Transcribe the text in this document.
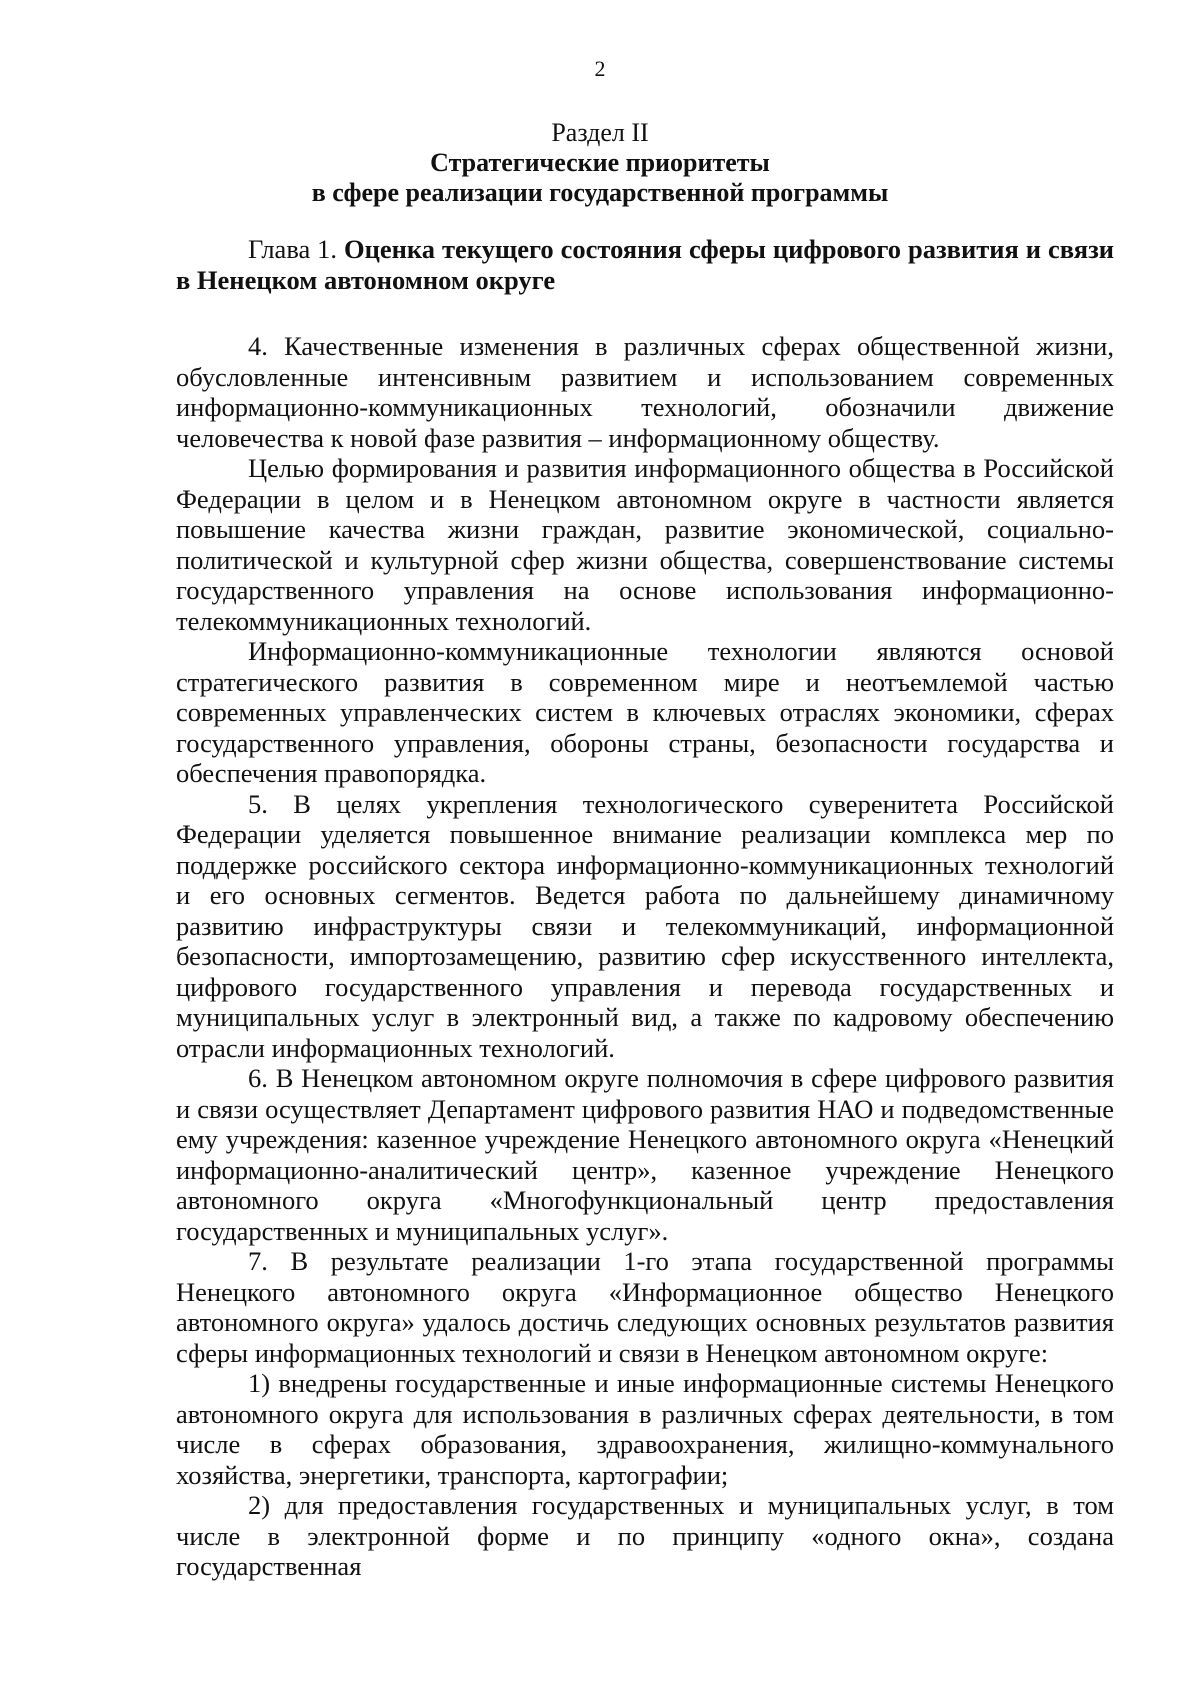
2
Раздел II
Стратегические приоритеты
в сфере реализации государственной программы
Глава 1. Оценка текущего состояния сферы цифрового развития и связи в Ненецком автономном округе

4. Качественные изменения в различных сферах общественной жизни, обусловленные интенсивным развитием и использованием современных информационно-коммуникационных технологий, обозначили движение человечества к новой фазе развития – информационному обществу.

Целью формирования и развития информационного общества в Российской Федерации в целом и в Ненецком автономном округе в частности является повышение качества жизни граждан, развитие экономической, социально-политической и культурной сфер жизни общества, совершенствование системы государственного управления на основе использования информационно-телекоммуникационных технологий.

Информационно-коммуникационные технологии являются основой стратегического развития в современном мире и неотъемлемой частью современных управленческих систем в ключевых отраслях экономики, сферах государственного управления, обороны страны, безопасности государства и обеспечения правопорядка.

5. В целях укрепления технологического суверенитета Российской Федерации уделяется повышенное внимание реализации комплекса мер по поддержке российского сектора информационно-коммуникационных технологий и его основных сегментов. Ведется работа по дальнейшему динамичному развитию инфраструктуры связи и телекоммуникаций, информационной безопасности, импортозамещению, развитию сфер искусственного интеллекта, цифрового государственного управления и перевода государственных и муниципальных услуг в электронный вид, а также по кадровому обеспечению отрасли информационных технологий.

6. В Ненецком автономном округе полномочия в сфере цифрового развития и связи осуществляет Департамент цифрового развития НАО и подведомственные ему учреждения: казенное учреждение Ненецкого автономного округа «Ненецкий информационно-аналитический центр», казенное учреждение Ненецкого автономного округа «Многофункциональный центр предоставления государственных и муниципальных услуг».

7. В результате реализации 1-го этапа государственной программы Ненецкого автономного округа «Информационное общество Ненецкого автономного округа» удалось достичь следующих основных результатов развития сферы информационных технологий и связи в Ненецком автономном округе:

1) внедрены государственные и иные информационные системы Ненецкого автономного округа для использования в различных сферах деятельности, в том числе в сферах образования, здравоохранения, жилищно-коммунального хозяйства, энергетики, транспорта, картографии;

2) для предоставления государственных и муниципальных услуг, в том числе в электронной форме и по принципу «одного окна», создана государственная
